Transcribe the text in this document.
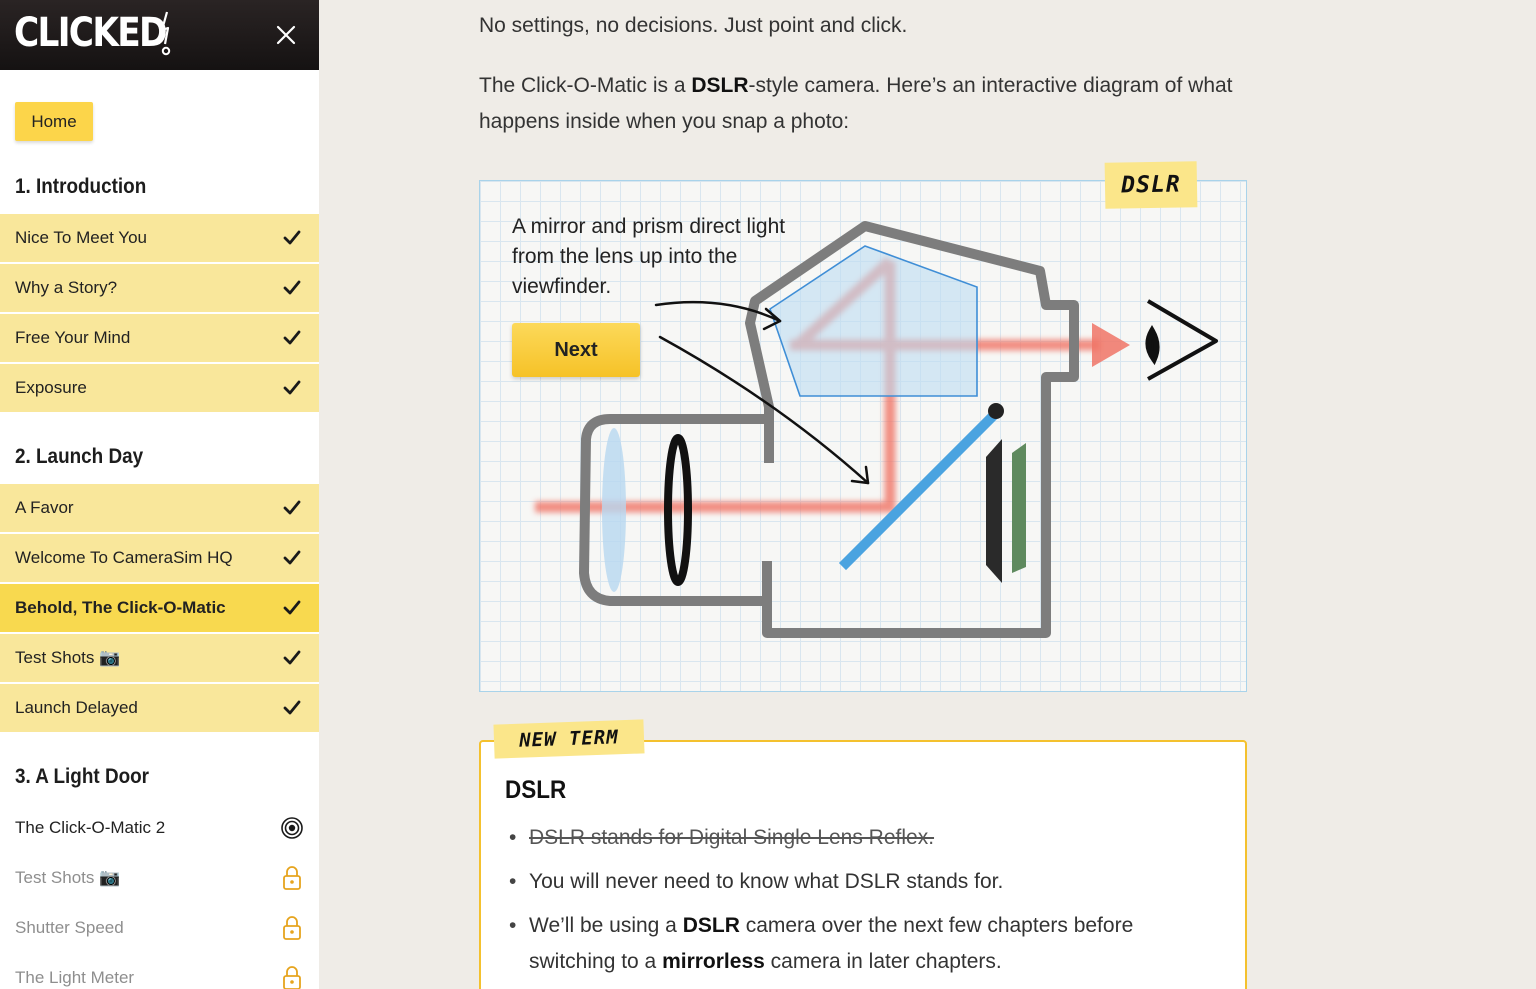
CLICKED
Home
1. Introduction
Nice To Meet You
Why a Story?
Free Your Mind
Exposure
2. Launch Day
A Favor
Welcome To CameraSim HQ
Behold, The Click-O-Matic
Test Shots 📷
Launch Delayed
3. A Light Door
The Click-O-Matic 2
Test Shots 📷
Shutter Speed
The Light Meter

No settings, no decisions. Just point and click.

The Click-O-Matic is a DSLR-style camera. Here’s an interactive diagram of what happens inside when you snap a photo:

DSLR
A mirror and prism direct light from the lens up into the viewfinder.
Next
NEW TERM
DSLR
• DSLR stands for Digital Single Lens Reflex.
• You will never need to know what DSLR stands for.
• We’ll be using a DSLR camera over the next few chapters before switching to a mirrorless camera in later chapters.
